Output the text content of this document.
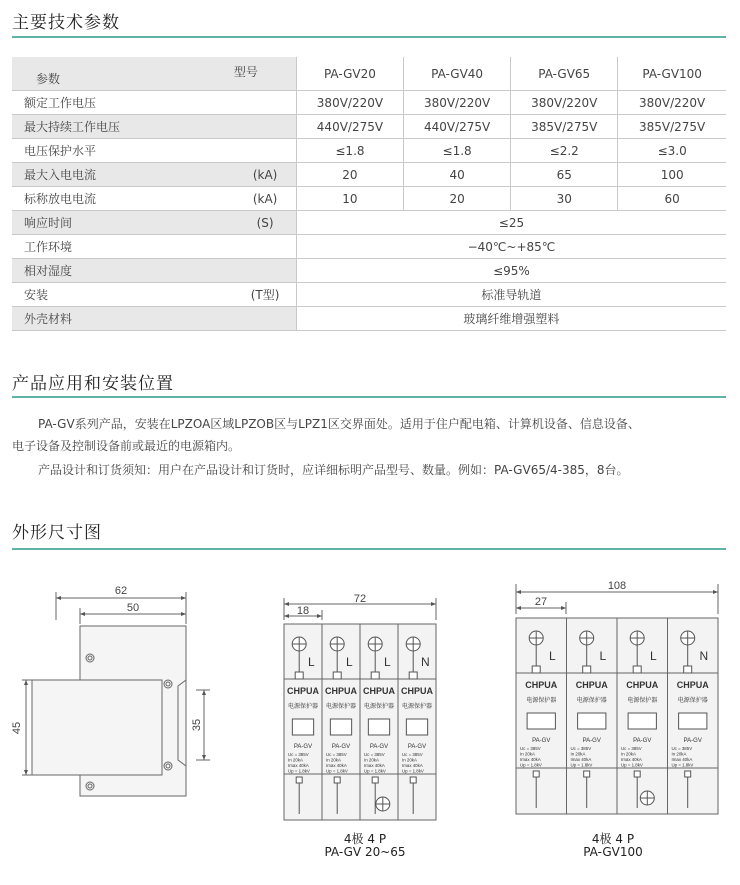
主要技术参数
型号
参数		PA-GV20	PA-GV40	PA-GV65	PA-GV100
额定工作电压		380V/220V	380V/220V	380V/220V	380V/220V
最大持续工作电压		440V/275V	440V/275V	385V/275V	385V/275V
电压保护水平		≤1.8	≤1.8	≤2.2	≤3.0
最大入电电流	(kA)	20	40	65	100
标称放电电流	(kA)	10	20	30	60
响应时间	(S)	≤25			
工作环境		−40℃~+85℃			
相对湿度		≤95%			
安装	(T型)	标准导轨道			
外壳材料		玻璃纤维增强塑料			
产品应用和安装位置
PA-GV系列产品，安装在LPZOA区域LPZOB区与LPZ1区交界面处。适用于住户配电箱、计算机设备、信息设备、
电子设备及控制设备前或最近的电源箱内。
产品设计和订货须知：用户在产品设计和订货时，应详细标明产品型号、数量。例如：PA-GV65/4-385，8台。
外形尺寸图
62
50
45	35
72
18
L
CHPUA
电源保护器
PA-GV
Uc = 385V
In 20kA
Imax 40kA
Up = 1.8kV
L
CHPUA
电源保护器
PA-GV
Uc = 385V
In 20kA
Imax 40kA
Up = 1.8kV
L
CHPUA
电源保护器
PA-GV
Uc = 385V
In 20kA
Imax 40kA
Up = 1.8kV
N
CHPUA
电源保护器
PA-GV
Uc = 385V
In 20kA
Imax 40kA
Up = 1.8kV
4极 4 P
PA-GV 20~65
108
27
L
CHPUA
电源保护器
PA-GV
Uc = 385V
In 20kA
Imax 40kA
Up = 1.8kV
L
CHPUA
电源保护器
PA-GV
Uc = 385V
In 20kA
Imax 40kA
Up = 1.8kV
L
CHPUA
电源保护器
PA-GV
Uc = 385V
In 20kA
Imax 40kA
Up = 1.8kV
N
CHPUA
电源保护器
PA-GV
Uc = 385V
In 20kA
Imax 40kA
Up = 1.8kV
4极 4 P
PA-GV100
